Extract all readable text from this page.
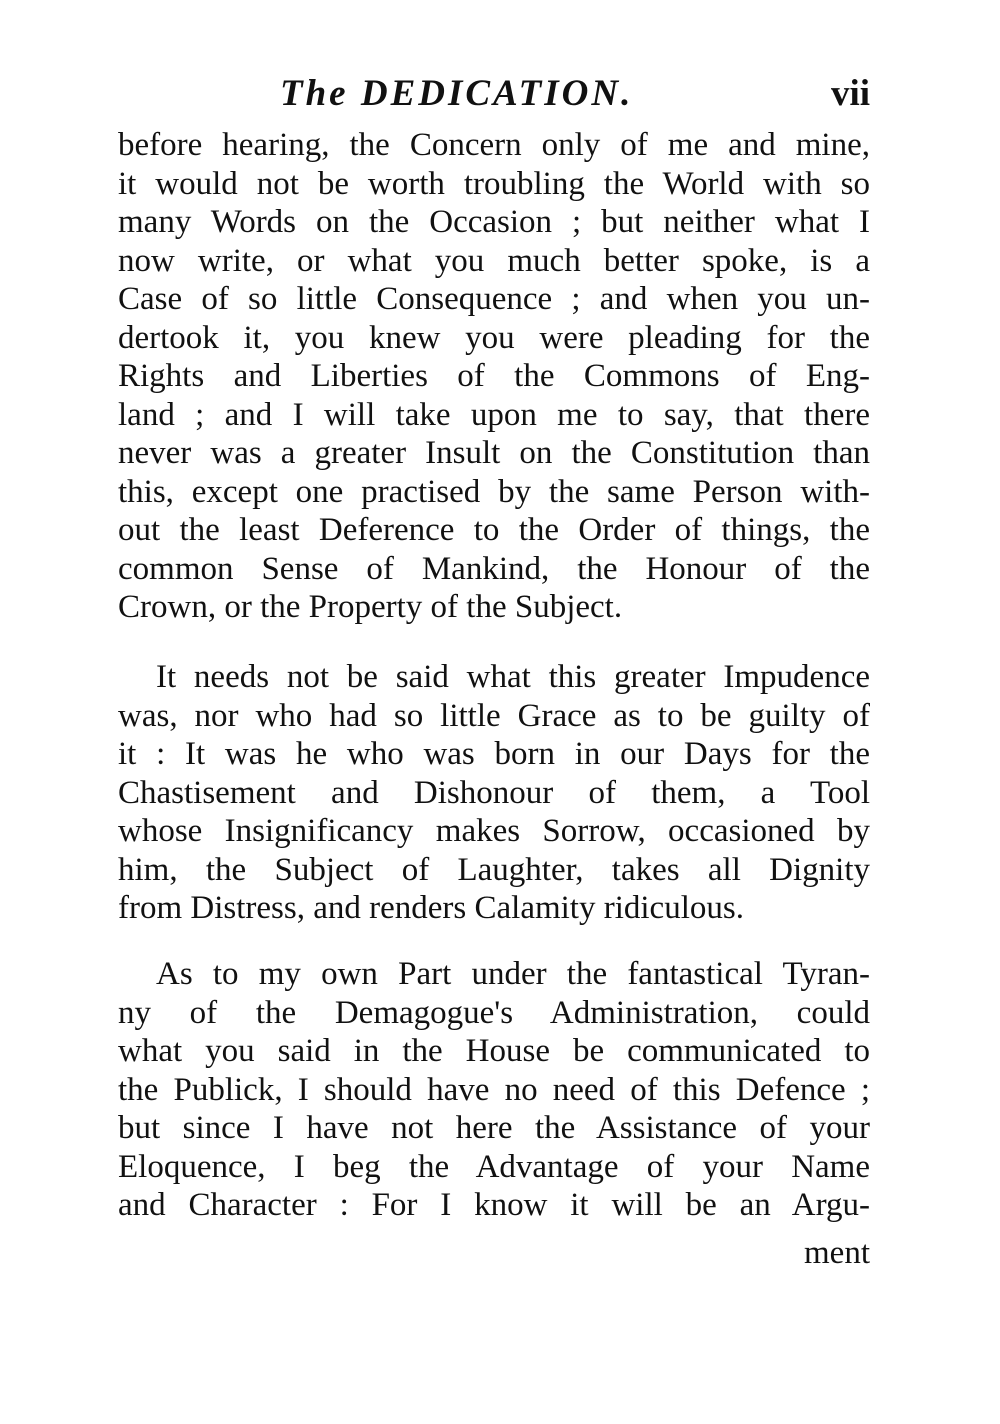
The DEDICATION.	vii
before hearing, the Concern only of me and mine,
it would not be worth troubling the World with so
many Words on the Occasion ; but neither what I
now write, or what you much better spoke, is a
Case of so little Consequence ; and when you un-
dertook it, you knew you were pleading for the
Rights and Liberties of the Commons of Eng-
land ; and I will take upon me to say, that there
never was a greater Insult on the Constitution than
this, except one practised by the same Person with-
out the least Deference to the Order of things, the
common Sense of Mankind, the Honour of the
Crown, or the Property of the Subject.
It needs not be said what this greater Impudence
was, nor who had so little Grace as to be guilty of
it : It was he who was born in our Days for the
Chastisement and Dishonour of them, a Tool
whose Insignificancy makes Sorrow, occasioned by
him, the Subject of Laughter, takes all Dignity
from Distress, and renders Calamity ridiculous.
As to my own Part under the fantastical Tyran-
ny of the Demagogue's Administration, could
what you said in the House be communicated to
the Publick, I should have no need of this Defence ;
but since I have not here the Assistance of your
Eloquence, I beg the Advantage of your Name
and Character : For I know it will be an Argu-
ment
